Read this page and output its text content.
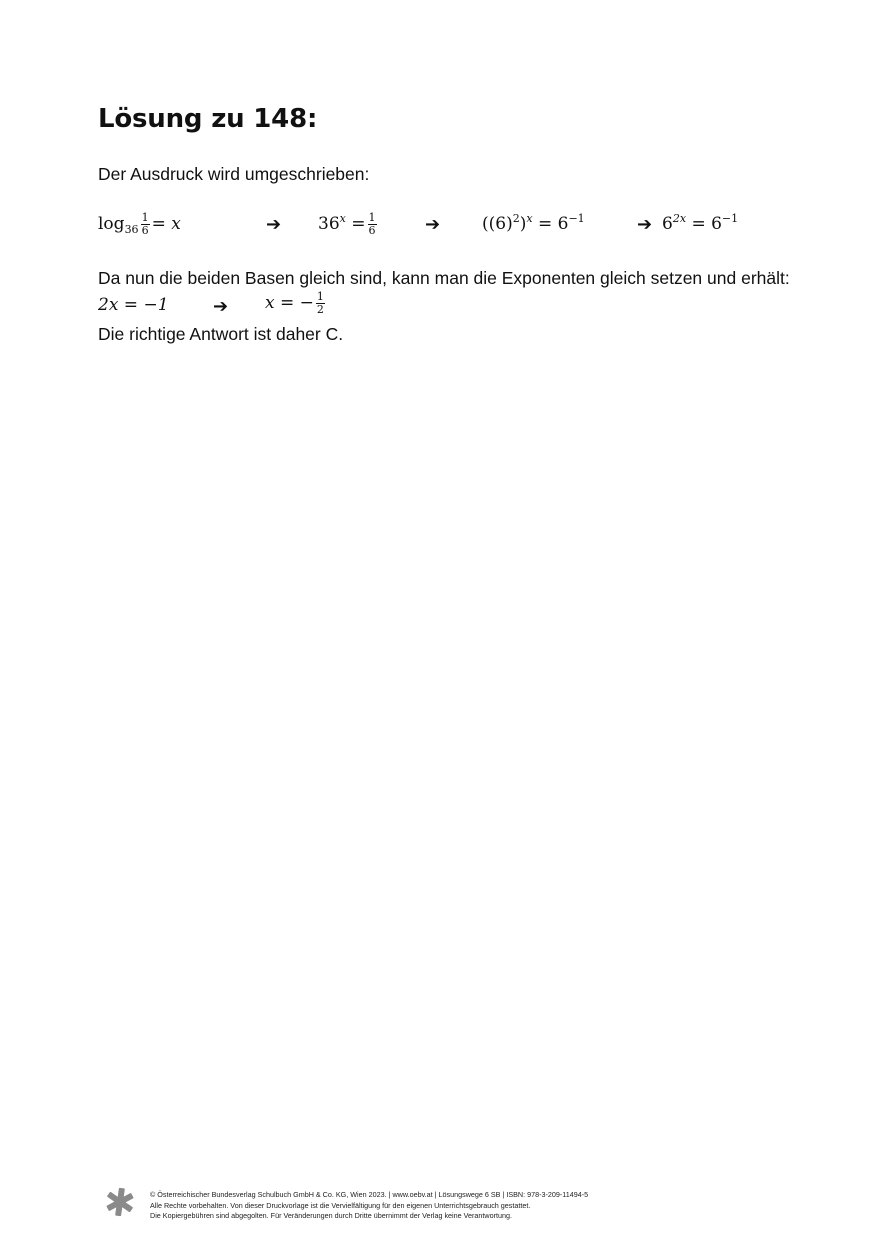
Lösung zu 148:

Der Ausdruck wird umgeschrieben:

$\log_{36} \frac{1}{6} = x$	➔ $36^x = \frac{1}{6}$	➔ $((6)^2)^x = 6^{-1}$	➔ $6^{2x} = 6^{-1}$

Da nun die beiden Basen gleich sind, kann man die Exponenten gleich setzen und erhält:

2x = −1 ➔ x = − $\frac{1}{2}$

Die richtige Antwort ist daher C.

© Österreichischer Bundesverlag Schulbuch GmbH & Co. KG, Wien 2023. | www.oebv.at | Lösungswege 6 SB | ISBN: 978-3-209-11494-5
Alle Rechte vorbehalten. Von dieser Druckvorlage ist die Vervielfältigung für den eigenen Unterrichtsgebrauch gestattet.
Die Kopiergebühren sind abgegolten. Für Veränderungen durch Dritte übernimmt der Verlag keine Verantwortung.
